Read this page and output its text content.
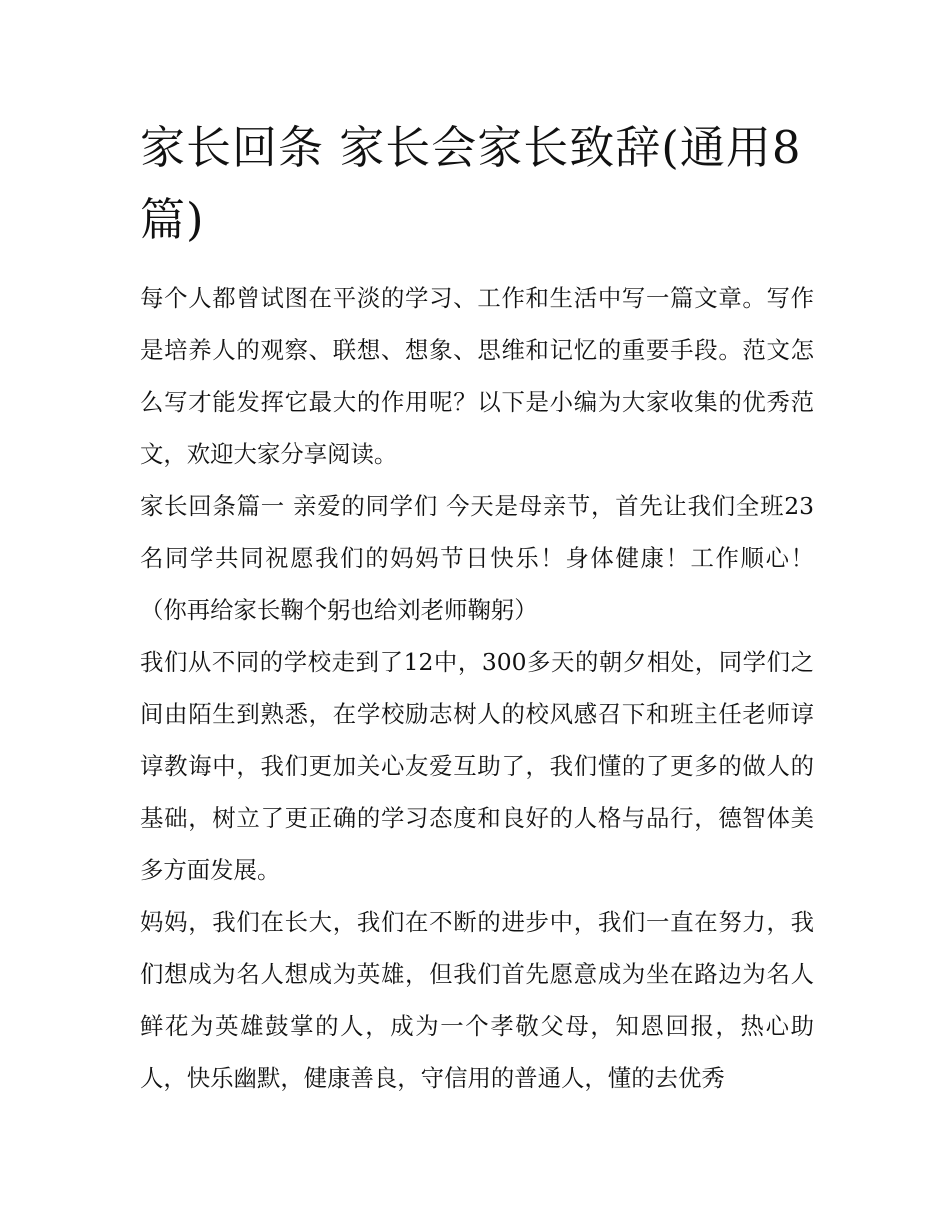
家长回条 家长会家长致辞(通用8篇)

每个人都曾试图在平淡的学习、工作和生活中写一篇文章。写作是培养人的观察、联想、想象、思维和记忆的重要手段。范文怎么写才能发挥它最大的作用呢？以下是小编为大家收集的优秀范文，欢迎大家分享阅读。

家长回条篇一 亲爱的同学们 今天是母亲节，首先让我们全班23名同学共同祝愿我们的妈妈节日快乐！身体健康！工作顺心！（你再给家长鞠个躬也给刘老师鞠躬）

我们从不同的学校走到了12中，300多天的朝夕相处，同学们之间由陌生到熟悉，在学校励志树人的校风感召下和班主任老师谆谆教诲中，我们更加关心友爱互助了，我们懂的了更多的做人的基础，树立了更正确的学习态度和良好的人格与品行，德智体美多方面发展。

妈妈，我们在长大，我们在不断的进步中，我们一直在努力，我们想成为名人想成为英雄，但我们首先愿意成为坐在路边为名人鲜花为英雄鼓掌的人，成为一个孝敬父母，知恩回报，热心助人，快乐幽默，健康善良，守信用的普通人，懂的去优秀
